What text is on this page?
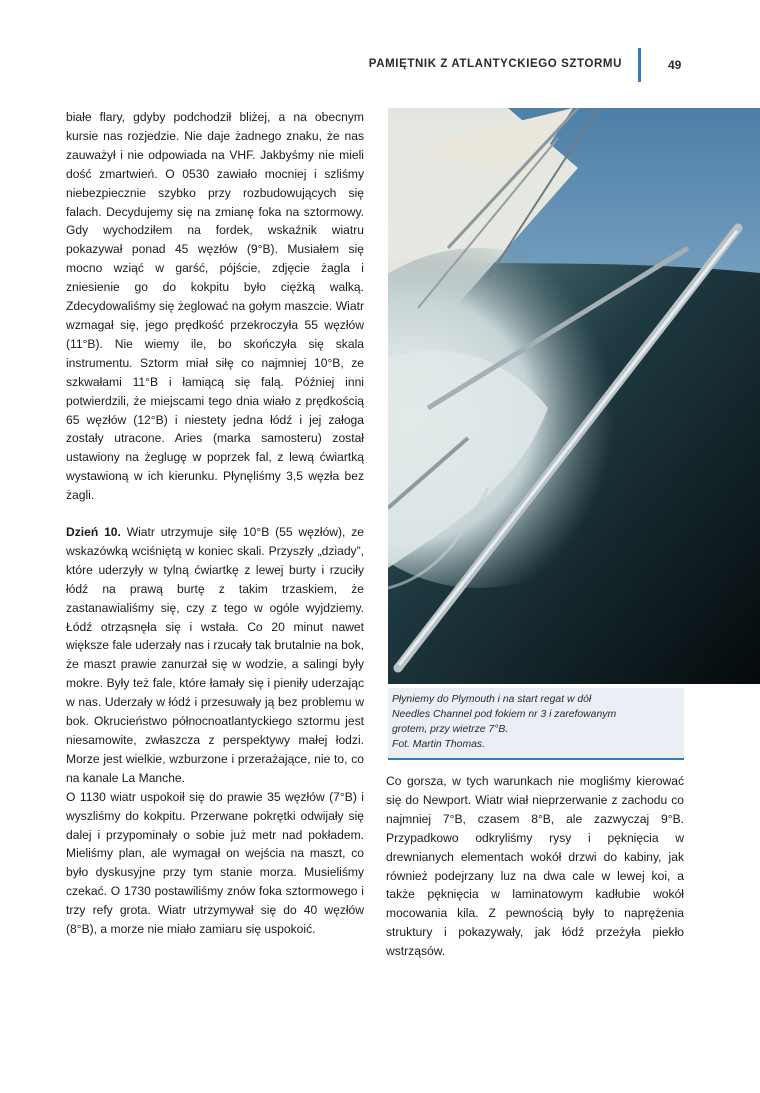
PAMIĘTNIK Z ATLANTYCKIEGO SZTORMU	49

białe flary, gdyby podchodził bliżej, a na obecnym kursie nas rozjedzie. Nie daje żadnego znaku, że nas zauważył i nie odpowiada na VHF. Jakbyśmy nie mieli dość zmartwień. O 0530 zawiało mocniej i szliśmy niebezpiecznie szybko przy rozbudowujących się falach. Decydujemy się na zmianę foka na sztormowy. Gdy wychodziłem na fordek, wskaźnik wiatru pokazywał ponad 45 węzłów (9°B). Musiałem się mocno wziąć w garść, pójście, zdjęcie żagla i zniesienie go do kokpitu było ciężką walką. Zdecydowaliśmy się żeglować na gołym maszcie. Wiatr wzmagał się, jego prędkość przekroczyła 55 węzłów (11°B). Nie wiemy ile, bo skończyła się skala instrumentu. Sztorm miał siłę co najmniej 10°B, ze szkwałami 11°B i łamiącą się falą. Później inni potwierdzili, że miejscami tego dnia wiało z prędkością 65 węzłów (12°B) i niestety jedna łódź i jej załoga zostały utracone. Aries (marka samosteru) został ustawiony na żeglugę w poprzek fal, z lewą ćwiartką wystawioną w ich kierunku. Płynęliśmy 3,5 węzła bez żagli.

Dzień 10. Wiatr utrzymuje siłę 10°B (55 węzłów), ze wskazówką wciśniętą w koniec skali. Przyszły „dziady”, które uderzyły w tylną ćwiartkę z lewej burty i rzuciły łódź na prawą burtę z takim trzaskiem, że zastanawialiśmy się, czy z tego w ogóle wyjdziemy. Łódź otrząsnęła się i wstała. Co 20 minut nawet większe fale uderzały nas i rzucały tak brutalnie na bok, że maszt prawie zanurzał się w wodzie, a salingi były mokre. Były też fale, które łamały się i pieniły uderzając w nas. Uderzały w łódź i przesuwały ją bez problemu w bok. Okrucieństwo północnoatlantyckiego sztormu jest niesamowite, zwłaszcza z perspektywy małej łodzi. Morze jest wielkie, wzburzone i przerażające, nie to, co na kanale La Manche.

O 1130 wiatr uspokoił się do prawie 35 węzłów (7°B) i wyszliśmy do kokpitu. Przerwane pokrętki odwijały się dalej i przypominały o sobie już metr nad pokładem. Mieliśmy plan, ale wymagał on wejścia na maszt, co było dyskusyjne przy tym stanie morza. Musieliśmy czekać. O 1730 postawiliśmy znów foka sztormowego i trzy refy grota. Wiatr utrzymywał się do 40 węzłów (8°B), a morze nie miało zamiaru się uspokoić.

Płyniemy do Plymouth i na start regat w dół
Needles Channel pod fokiem nr 3 i zarefowanym
grotem, przy wietrze 7°B.
Fot. Martin Thomas.

Co gorsza, w tych warunkach nie mogliśmy kierować się do Newport. Wiatr wiał nieprzerwanie z zachodu co najmniej 7°B, czasem 8°B, ale zazwyczaj 9°B. Przypadkowo odkryliśmy rysy i pęknięcia w drewnianych elementach wokół drzwi do kabiny, jak również podejrzany luz na dwa cale w lewej koi, a także pęknięcia w laminatowym kadłubie wokół mocowania kila. Z pewnością były to naprężenia struktury i pokazywały, jak łódź przeżyła piekło wstrząsów.
